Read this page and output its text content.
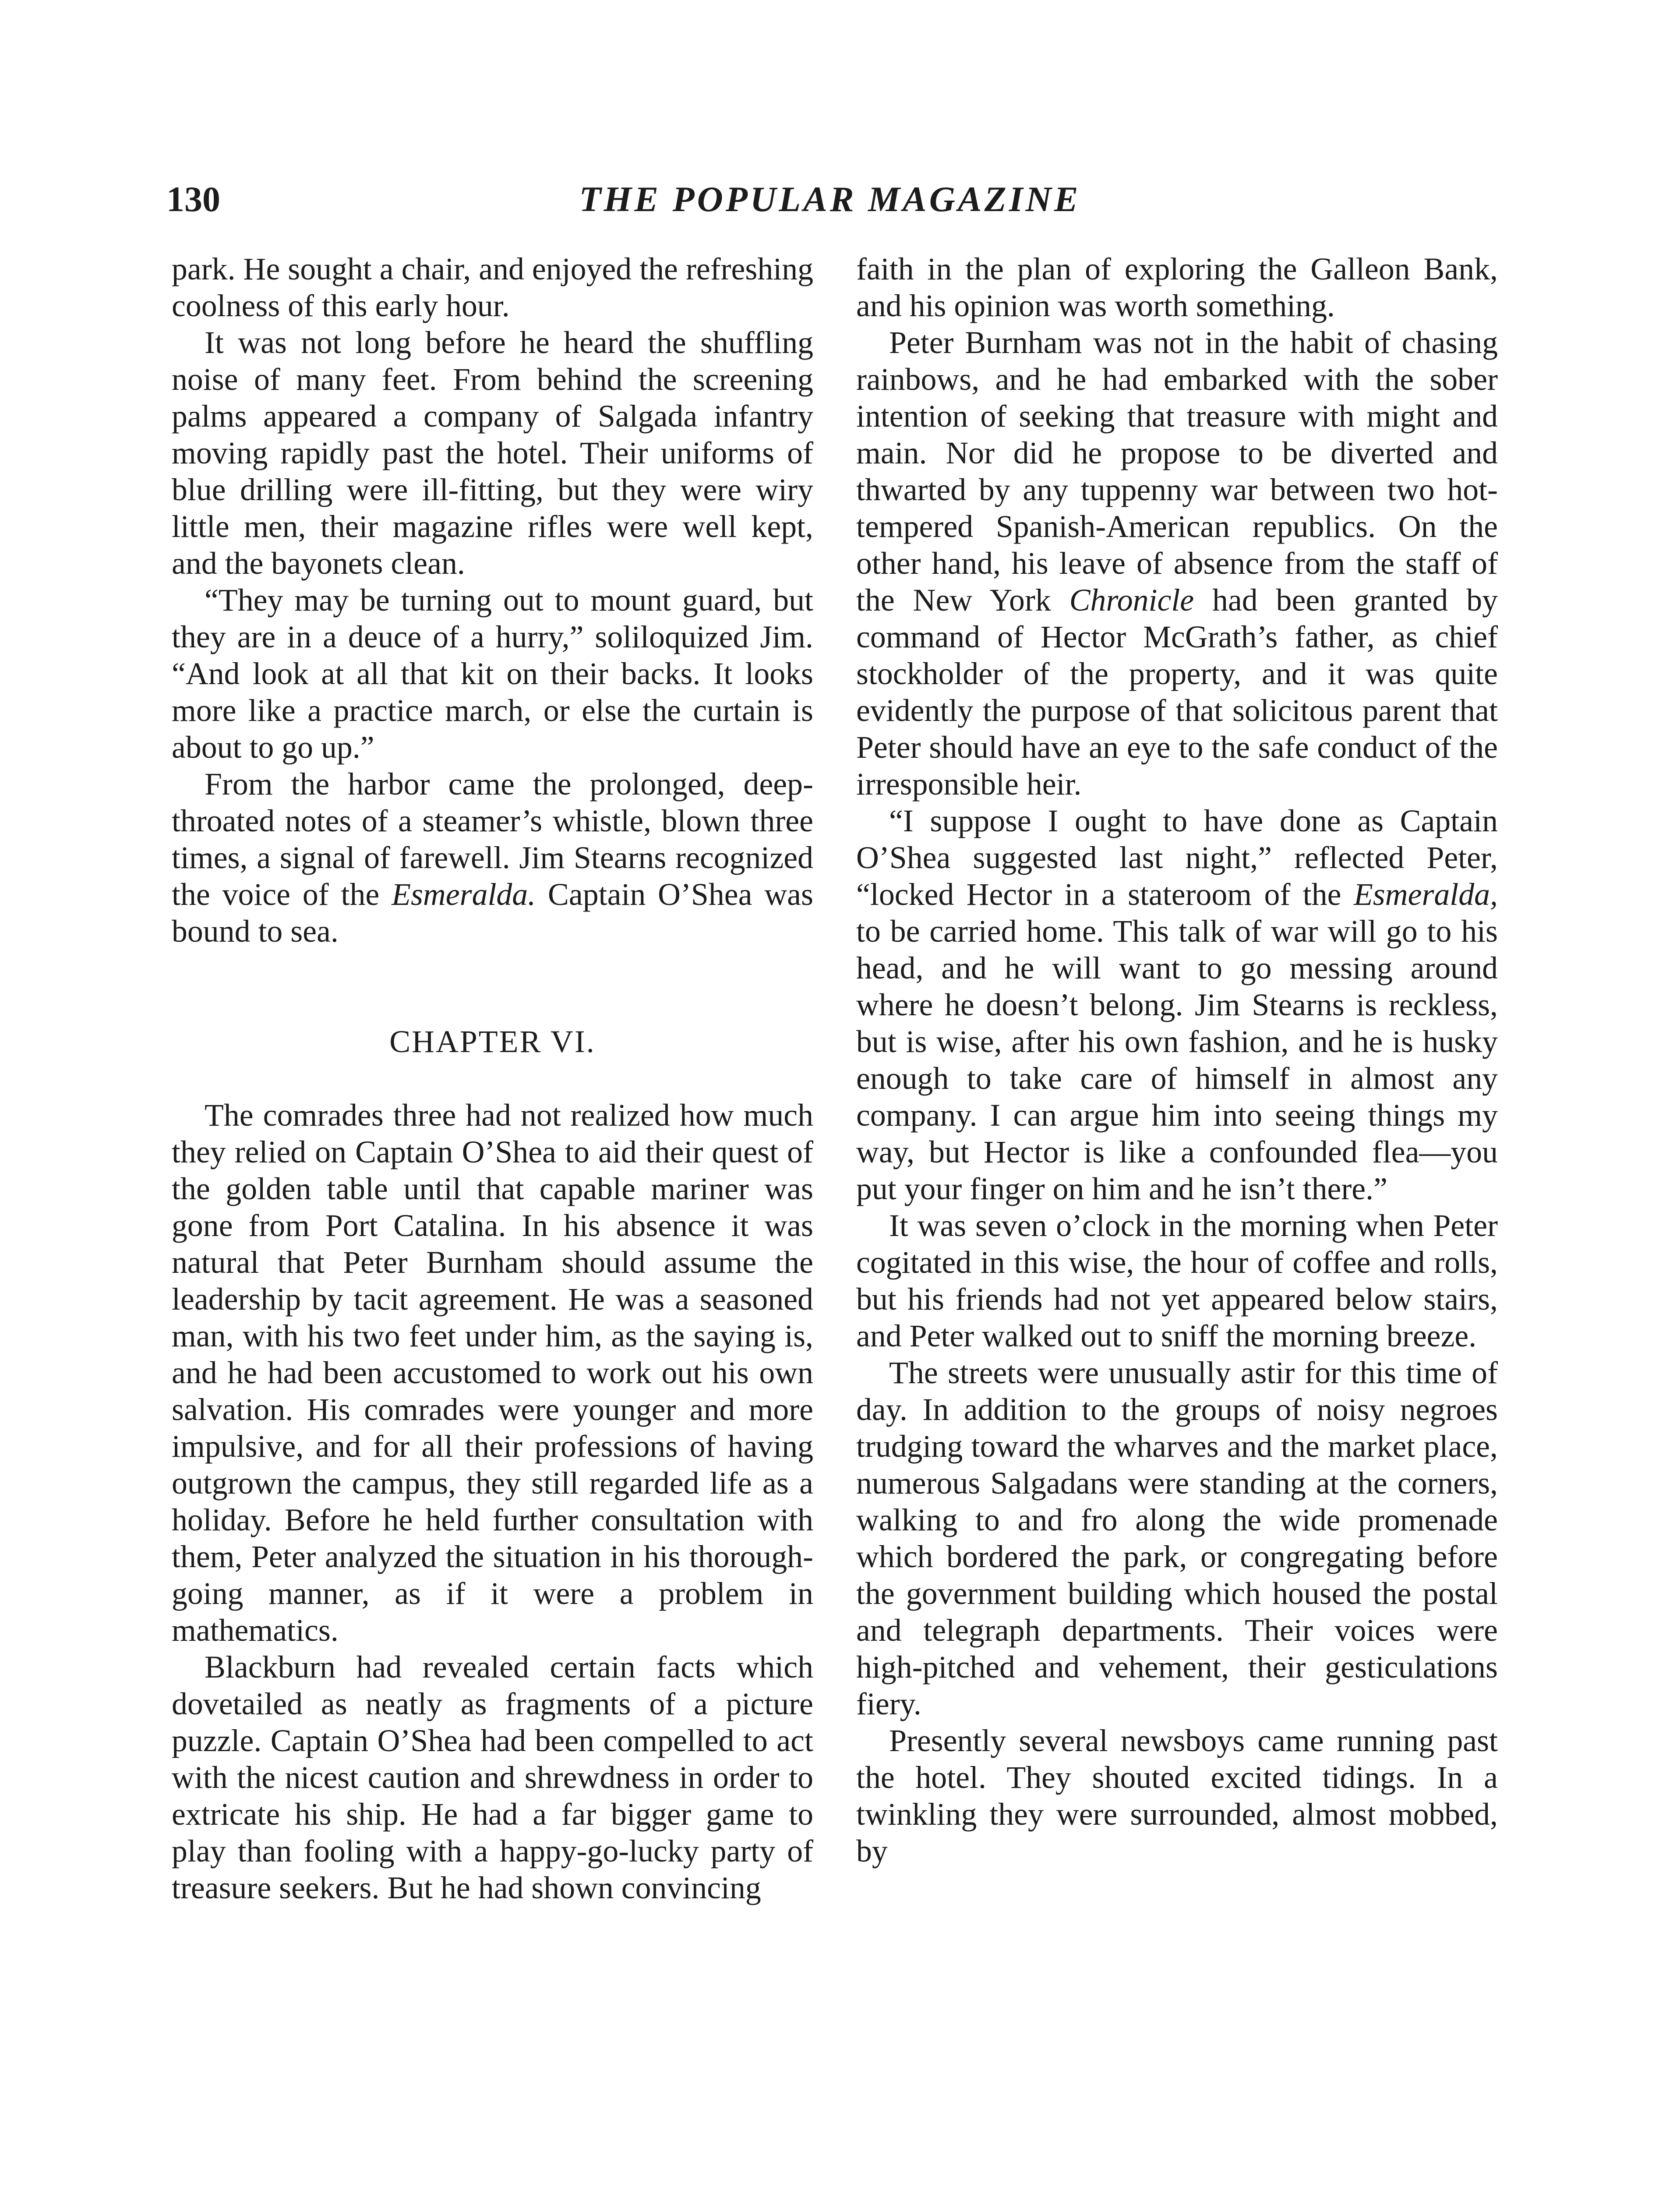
130	THE POPULAR MAGAZINE

park. He sought a chair, and enjoyed the refreshing coolness of this early hour.

It was not long before he heard the shuffling noise of many feet. From behind the screening palms appeared a company of Salgada infantry moving rapidly past the hotel. Their uniforms of blue drilling were ill-fitting, but they were wiry little men, their magazine rifles were well kept, and the bayonets clean.

“They may be turning out to mount guard, but they are in a deuce of a hurry,” soliloquized Jim. “And look at all that kit on their backs. It looks more like a practice march, or else the curtain is about to go up.”

From the harbor came the prolonged, deep-throated notes of a steamer’s whistle, blown three times, a signal of farewell. Jim Stearns recognized the voice of the Esmeralda. Captain O’Shea was bound to sea.

CHAPTER VI.

The comrades three had not realized how much they relied on Captain O’Shea to aid their quest of the golden table until that capable mariner was gone from Port Catalina. In his absence it was natural that Peter Burnham should assume the leadership by tacit agreement. He was a seasoned man, with his two feet under him, as the saying is, and he had been accustomed to work out his own salvation. His comrades were younger and more impulsive, and for all their professions of having outgrown the campus, they still regarded life as a holiday. Before he held further consultation with them, Peter analyzed the situation in his thoroughgoing manner, as if it were a problem in mathematics.

Blackburn had revealed certain facts which dovetailed as neatly as fragments of a picture puzzle. Captain O’Shea had been compelled to act with the nicest caution and shrewdness in order to extricate his ship. He had a far bigger game to play than fooling with a happy-go-lucky party of treasure seekers. But he had shown convincing

faith in the plan of exploring the Galleon Bank, and his opinion was worth something.

Peter Burnham was not in the habit of chasing rainbows, and he had embarked with the sober intention of seeking that treasure with might and main. Nor did he propose to be diverted and thwarted by any tuppenny war between two hot-tempered Spanish-American republics. On the other hand, his leave of absence from the staff of the New York Chronicle had been granted by command of Hector McGrath’s father, as chief stockholder of the property, and it was quite evidently the purpose of that solicitous parent that Peter should have an eye to the safe conduct of the irresponsible heir.

“I suppose I ought to have done as Captain O’Shea suggested last night,” reflected Peter, “locked Hector in a stateroom of the Esmeralda, to be carried home. This talk of war will go to his head, and he will want to go messing around where he doesn’t belong. Jim Stearns is reckless, but is wise, after his own fashion, and he is husky enough to take care of himself in almost any company. I can argue him into seeing things my way, but Hector is like a confounded flea—you put your finger on him and he isn’t there.”

It was seven o’clock in the morning when Peter cogitated in this wise, the hour of coffee and rolls, but his friends had not yet appeared below stairs, and Peter walked out to sniff the morning breeze.

The streets were unusually astir for this time of day. In addition to the groups of noisy negroes trudging toward the wharves and the market place, numerous Salgadans were standing at the corners, walking to and fro along the wide promenade which bordered the park, or congregating before the government building which housed the postal and telegraph departments. Their voices were high-pitched and vehement, their gesticulations fiery.

Presently several newsboys came running past the hotel. They shouted excited tidings. In a twinkling they were surrounded, almost mobbed, by
